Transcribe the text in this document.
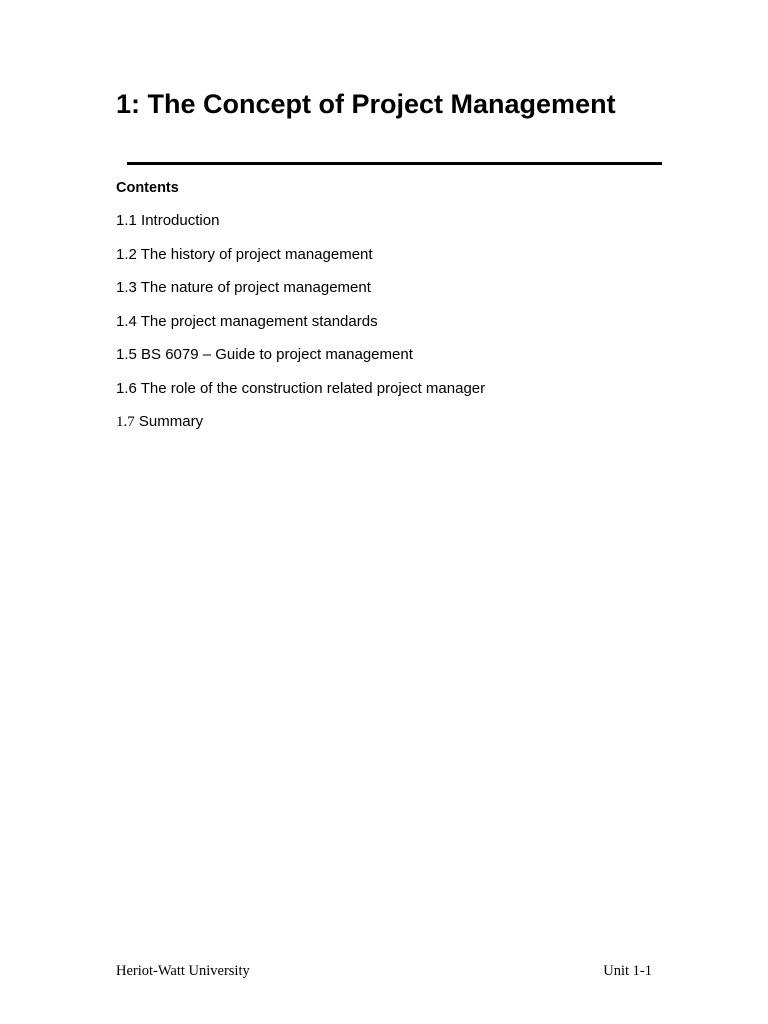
1: The Concept of Project Management
Contents
1.1 Introduction
1.2 The history of project management
1.3 The nature of project management
1.4 The project management standards
1.5 BS 6079 – Guide to project management
1.6 The role of the construction related project manager
1.7 Summary
Heriot-Watt University	Unit 1-1
